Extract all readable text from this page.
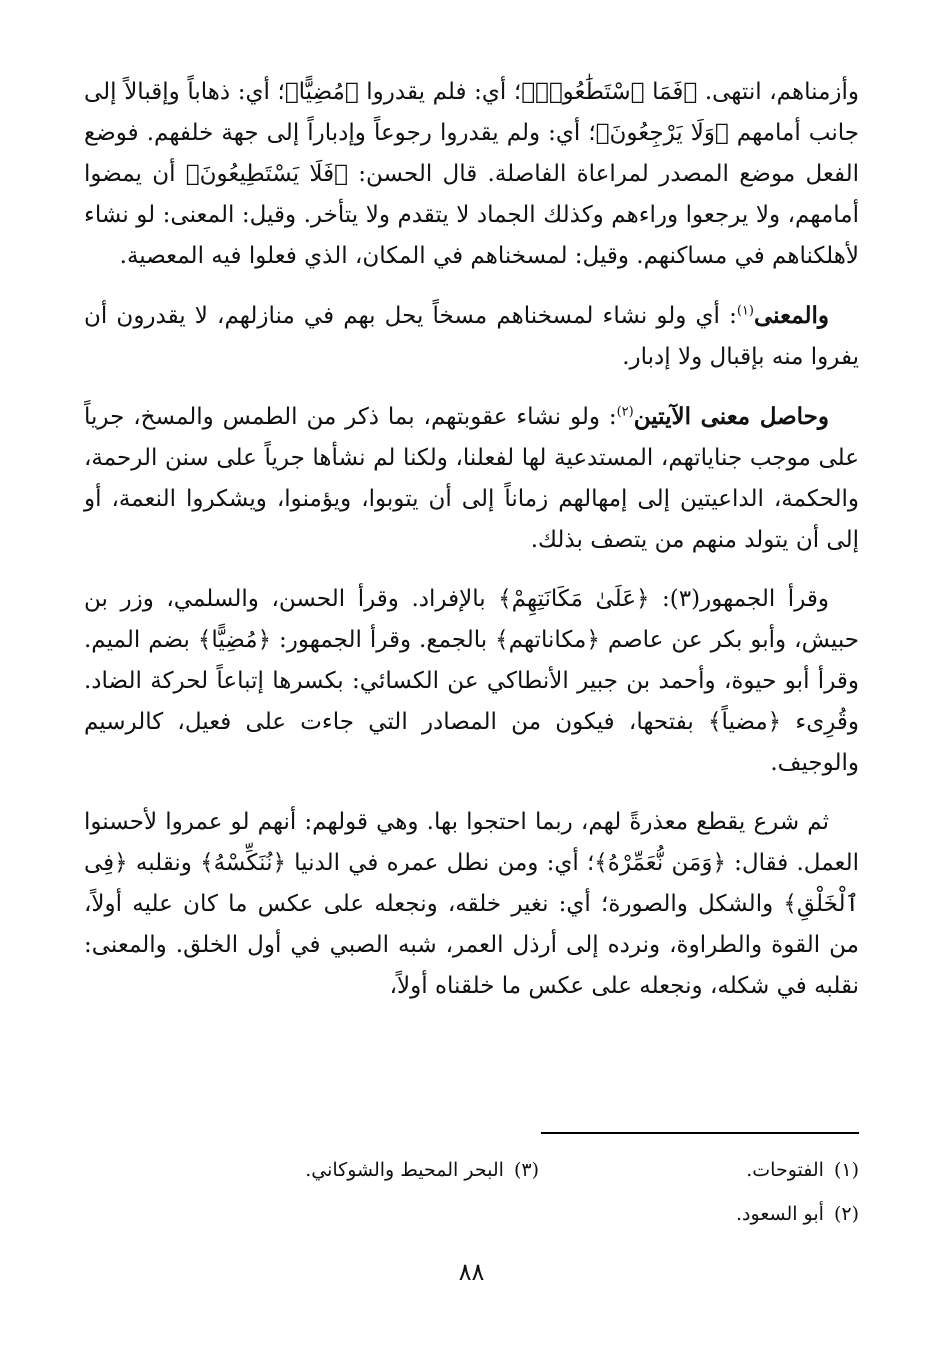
وأزمناهم، انتهى. ﴿فَمَا ٱسْتَطَٰعُوا۟﴾؛ أي: فلم يقدروا ﴿مُضِيًّا﴾؛ أي: ذهاباً وإقبالاً إلى جانب أمامهم ﴿وَلَا يَرْجِعُونَ﴾؛ أي: ولم يقدروا رجوعاً وإدباراً إلى جهة خلفهم. فوضع الفعل موضع المصدر لمراعاة الفاصلة. قال الحسن: ﴿فَلَا يَسْتَطِيعُونَ﴾ أن يمضوا أمامهم، ولا يرجعوا وراءهم وكذلك الجماد لا يتقدم ولا يتأخر. وقيل: المعنى: لو نشاء لأهلكناهم في مساكنهم. وقيل: لمسخناهم في المكان، الذي فعلوا فيه المعصية.

والمعنى$^{(١)}$: أي ولو نشاء لمسخناهم مسخاً يحل بهم في منازلهم، لا يقدرون أن يفروا منه بإقبال ولا إدبار.

وحاصل معنى الآيتين$^{(٢)}$: ولو نشاء عقوبتهم، بما ذكر من الطمس والمسخ، جرياً على موجب جناياتهم، المستدعية لها لفعلنا، ولكنا لم نشأها جرياً على سنن الرحمة، والحكمة، الداعيتين إلى إمهالهم زماناً إلى أن يتوبوا، ويؤمنوا، ويشكروا النعمة، أو إلى أن يتولد منهم من يتصف بذلك.

وقرأ الجمهور(٣): ﴿عَلَىٰ مَكَانَتِهِمْ﴾ بالإفراد. وقرأ الحسن، والسلمي، وزر بن حبيش، وأبو بكر عن عاصم ﴿مكاناتهم﴾ بالجمع. وقرأ الجمهور: ﴿مُضِيًّا﴾ بضم الميم. وقرأ أبو حيوة، وأحمد بن جبير الأنطاكي عن الكسائي: بكسرها إتباعاً لحركة الضاد. وقُرِىء ﴿مضياً﴾ بفتحها، فيكون من المصادر التي جاءت على فعيل، كالرسيم والوجيف.

ثم شرع يقطع معذرةً لهم، ربما احتجوا بها. وهي قولهم: أنهم لو عمروا لأحسنوا العمل. فقال: ﴿وَمَن نُّعَمِّرْهُ﴾؛ أي: ومن نطل عمره في الدنيا ﴿نُنَكِّسْهُ﴾ ونقلبه ﴿فِى ٱلْخَلْقِ﴾ والشكل والصورة؛ أي: نغير خلقه، ونجعله على عكس ما كان عليه أولاً، من القوة والطراوة، ونرده إلى أرذل العمر، شبه الصبي في أول الخلق. والمعنى: نقلبه في شكله، ونجعله على عكس ما خلقناه أولاً،

(١)الفتوحات.
(٣)البحر المحيط والشوكاني.
(٢)أبو السعود.
٨٨
